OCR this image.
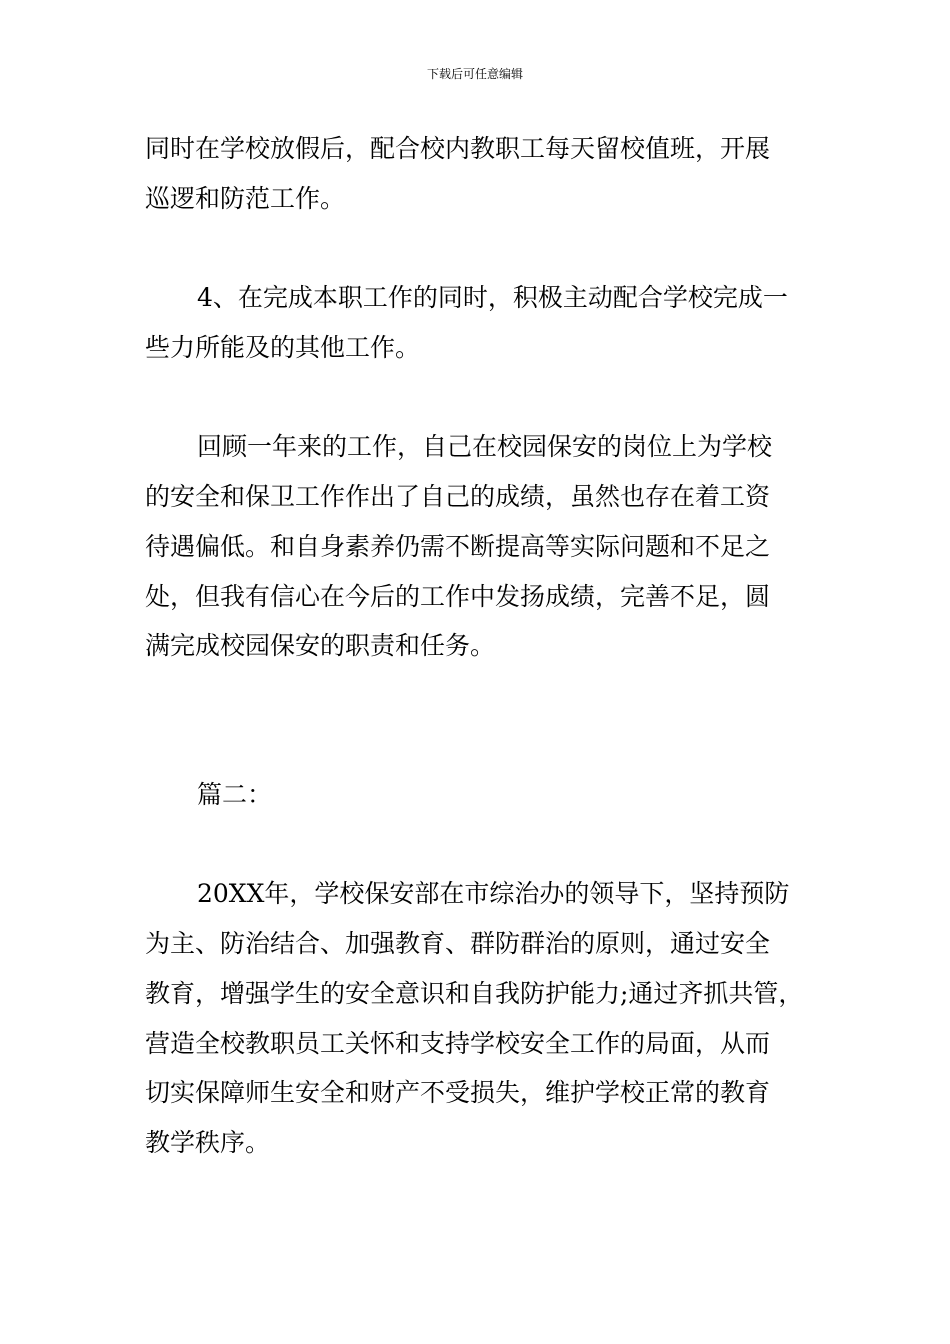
下载后可任意编辑
同时在学校放假后，配合校内教职工每天留校值班，开展
巡逻和防范工作。
4、在完成本职工作的同时，积极主动配合学校完成一
些力所能及的其他工作。
回顾一年来的工作，自己在校园保安的岗位上为学校
的安全和保卫工作作出了自己的成绩，虽然也存在着工资
待遇偏低。和自身素养仍需不断提高等实际问题和不足之
处，但我有信心在今后的工作中发扬成绩，完善不足，圆
满完成校园保安的职责和任务。
篇二：
20XX年，学校保安部在市综治办的领导下，坚持预防
为主、防治结合、加强教育、群防群治的原则，通过安全
教育，增强学生的安全意识和自我防护能力;通过齐抓共管，
营造全校教职员工关怀和支持学校安全工作的局面，从而
切实保障师生安全和财产不受损失，维护学校正常的教育
教学秩序。
